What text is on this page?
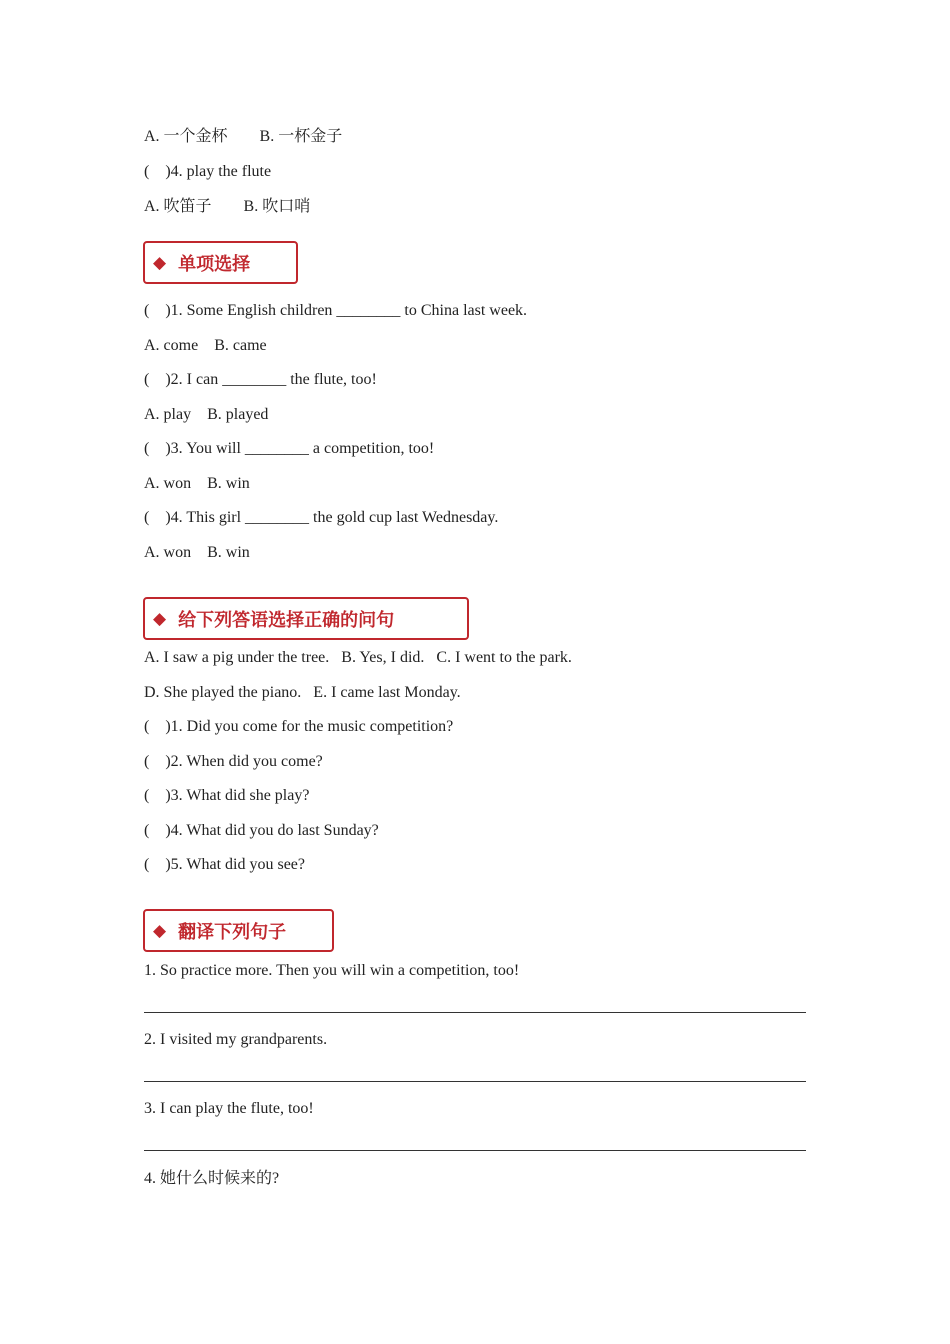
A. 一个金杯        B. 一杯金子
(    )4. play the flute
A. 吹笛子        B. 吹口哨
◆ 单项选择
(    )1. Some English children ________ to China last week.
A. come    B. came
(    )2. I can ________ the flute, too!
A. play    B. played
(    )3. You will ________ a competition, too!
A. won    B. win
(    )4. This girl ________ the gold cup last Wednesday.
A. won    B. win
◆ 给下列答语选择正确的问句
A. I saw a pig under the tree.   B. Yes, I did.   C. I went to the park.
D. She played the piano.   E. I came last Monday.
(    )1. Did you come for the music competition?
(    )2. When did you come?
(    )3. What did she play?
(    )4. What did you do last Sunday?
(    )5. What did you see?
◆ 翻译下列句子
1. So practice more. Then you will win a competition, too!
2. I visited my grandparents.
3. I can play the flute, too!
4. 她什么时候来的?
